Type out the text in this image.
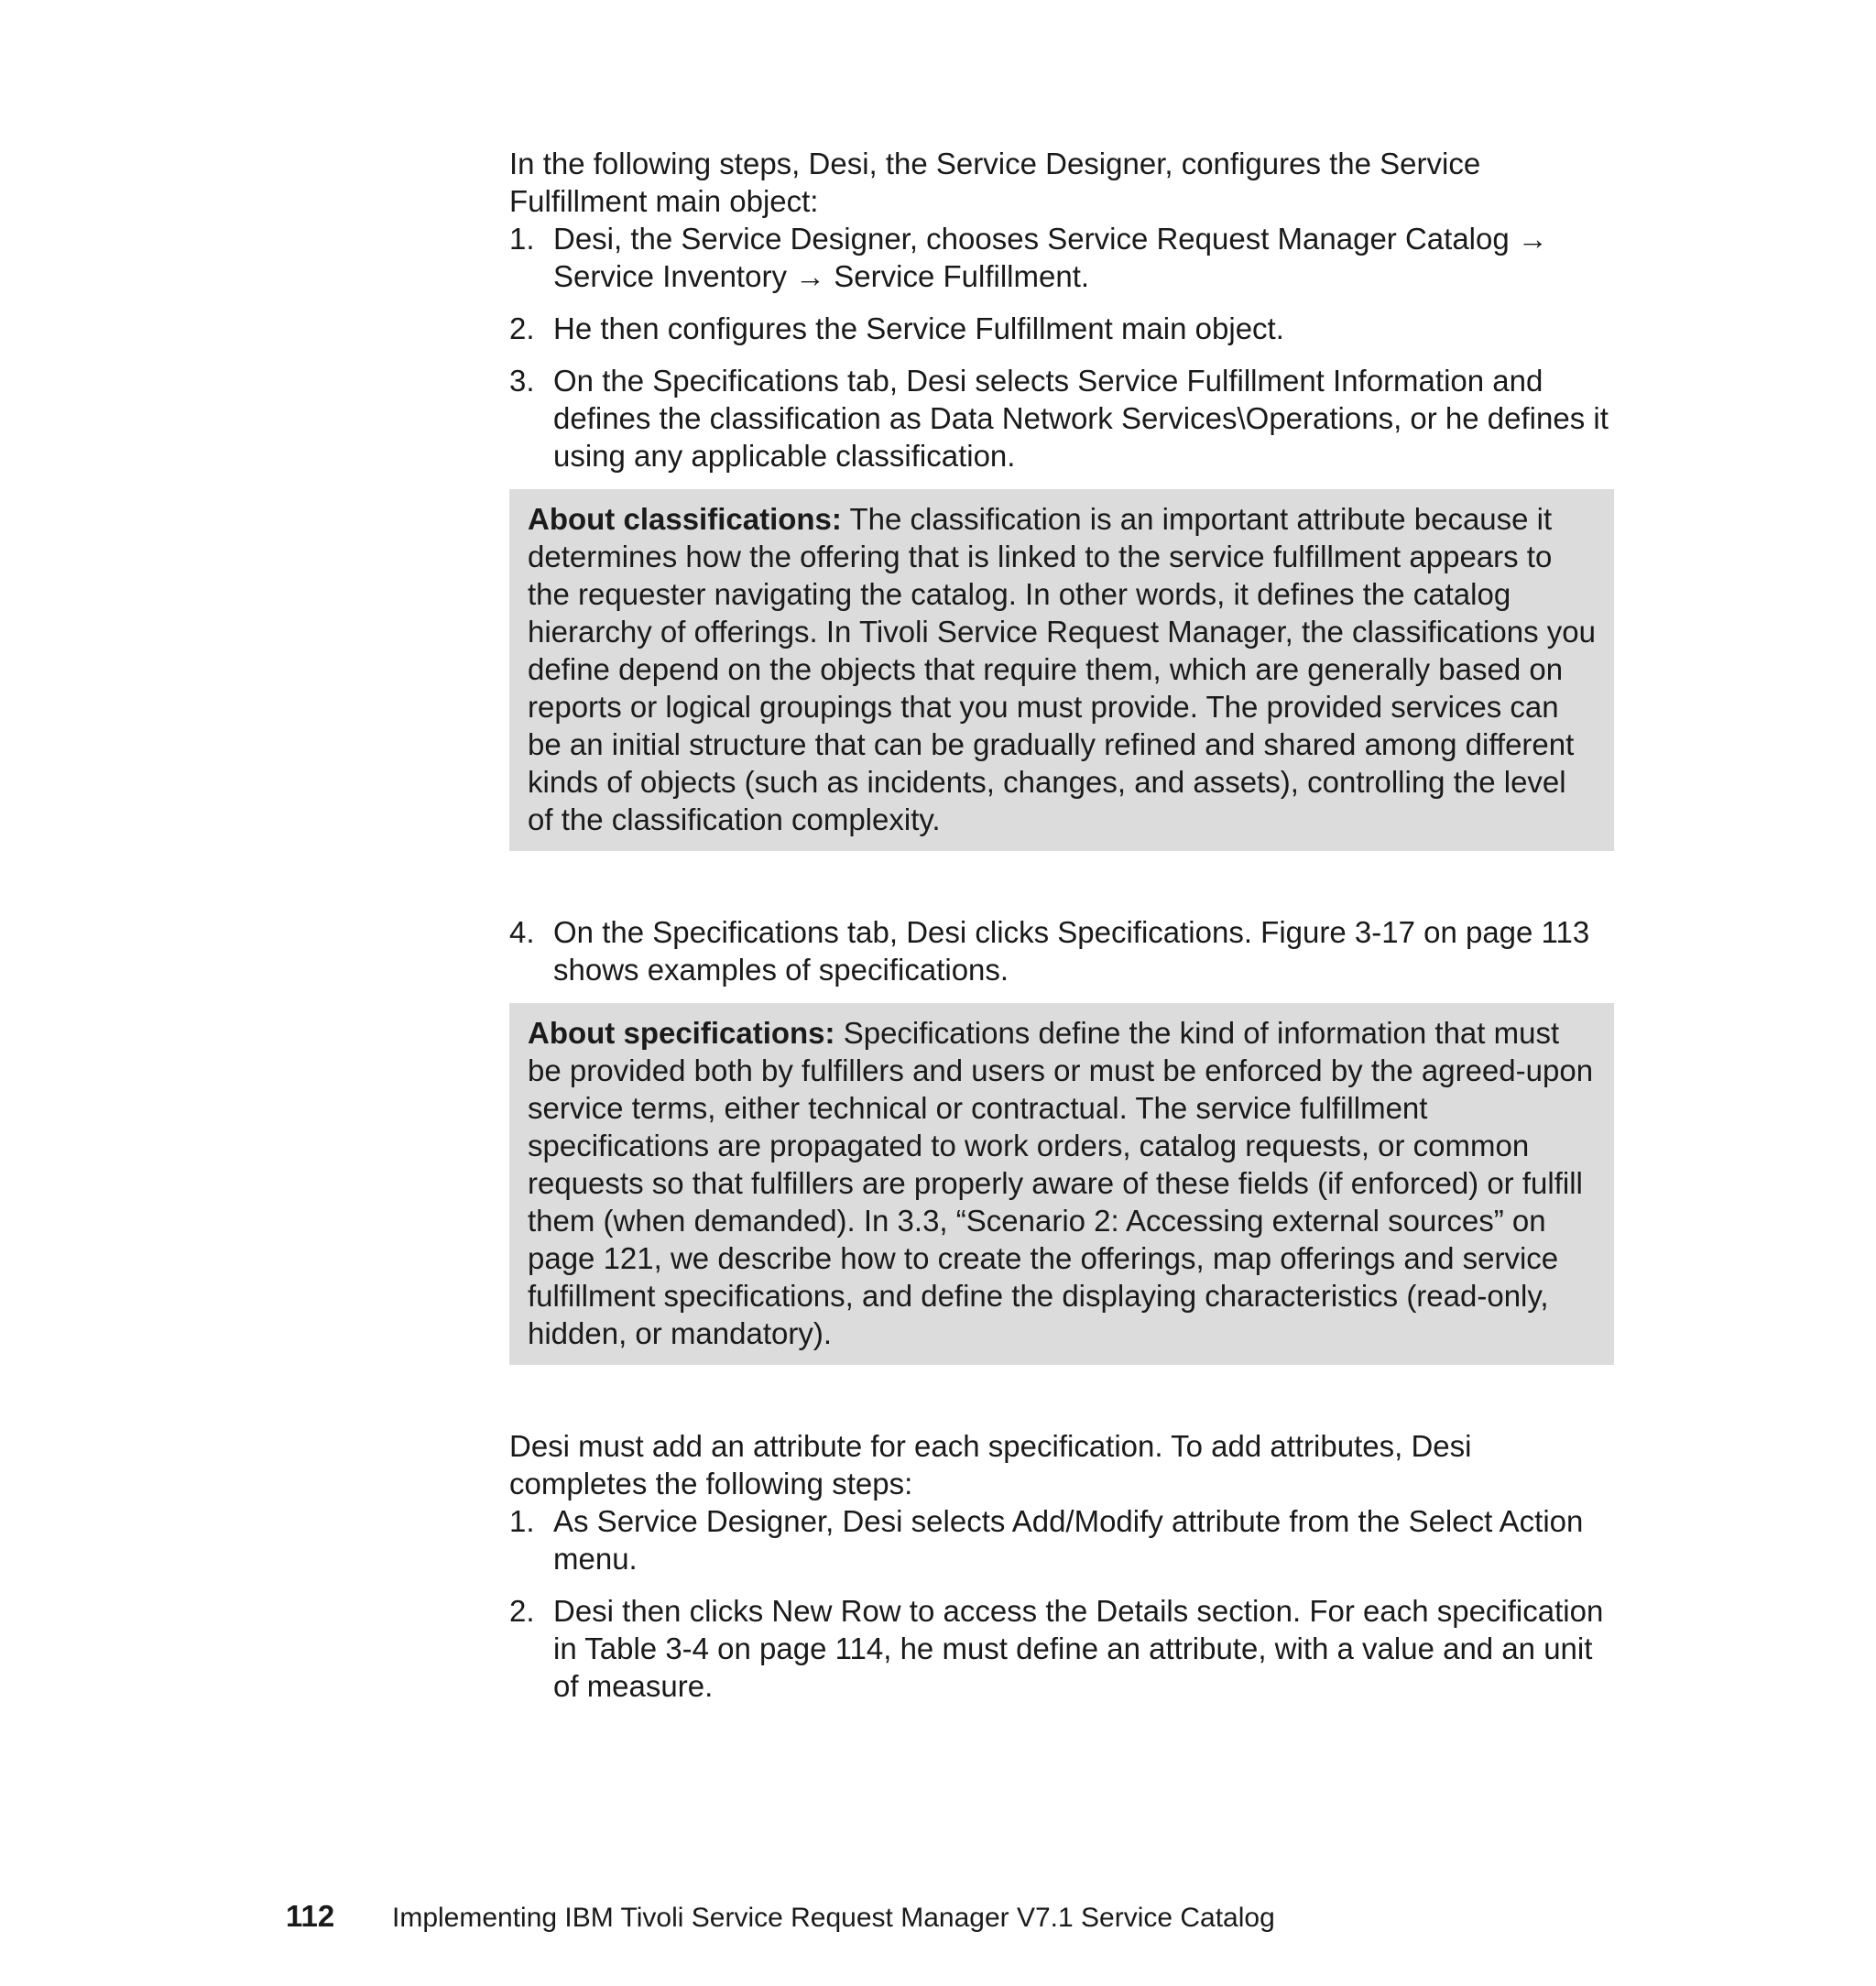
In the following steps, Desi, the Service Designer, configures the Service Fulfillment main object:

1. Desi, the Service Designer, chooses Service Request Manager Catalog → Service Inventory → Service Fulfillment.
2. He then configures the Service Fulfillment main object.
3. On the Specifications tab, Desi selects Service Fulfillment Information and defines the classification as Data Network Services\Operations, or he defines it using any applicable classification.

About classifications: The classification is an important attribute because it determines how the offering that is linked to the service fulfillment appears to the requester navigating the catalog. In other words, it defines the catalog hierarchy of offerings. In Tivoli Service Request Manager, the classifications you define depend on the objects that require them, which are generally based on reports or logical groupings that you must provide. The provided services can be an initial structure that can be gradually refined and shared among different kinds of objects (such as incidents, changes, and assets), controlling the level of the classification complexity.

4. On the Specifications tab, Desi clicks Specifications. Figure 3-17 on page 113 shows examples of specifications.

About specifications: Specifications define the kind of information that must be provided both by fulfillers and users or must be enforced by the agreed-upon service terms, either technical or contractual. The service fulfillment specifications are propagated to work orders, catalog requests, or common requests so that fulfillers are properly aware of these fields (if enforced) or fulfill them (when demanded). In 3.3, “Scenario 2: Accessing external sources” on page 121, we describe how to create the offerings, map offerings and service fulfillment specifications, and define the displaying characteristics (read-only, hidden, or mandatory).

Desi must add an attribute for each specification. To add attributes, Desi completes the following steps:

1. As Service Designer, Desi selects Add/Modify attribute from the Select Action menu.
2. Desi then clicks New Row to access the Details section. For each specification in Table 3-4 on page 114, he must define an attribute, with a value and an unit of measure.
112 Implementing IBM Tivoli Service Request Manager V7.1 Service Catalog
